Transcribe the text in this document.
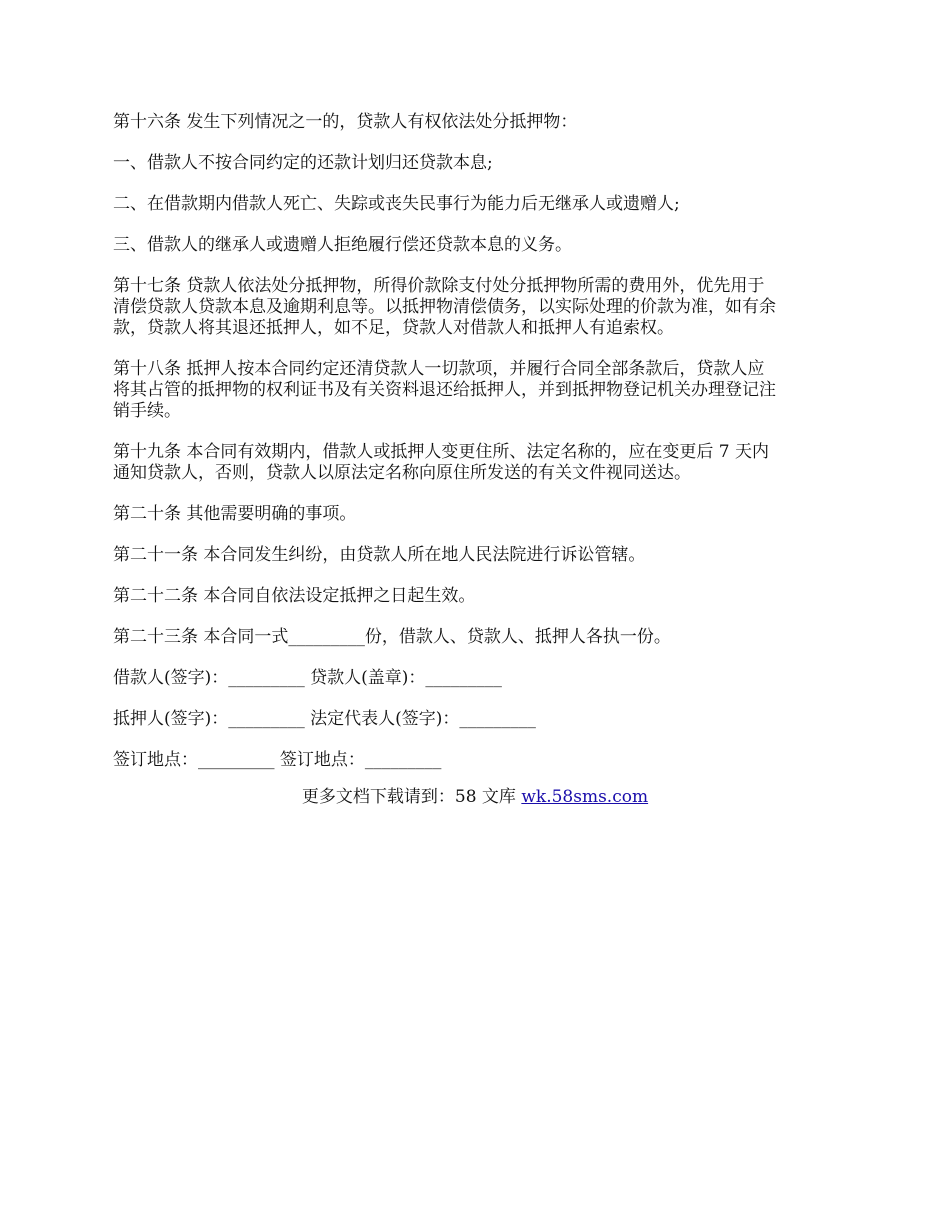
第十六条 发生下列情况之一的，贷款人有权依法处分抵押物：

一、借款人不按合同约定的还款计划归还贷款本息;

二、在借款期内借款人死亡、失踪或丧失民事行为能力后无继承人或遗赠人;

三、借款人的继承人或遗赠人拒绝履行偿还贷款本息的义务。

第十七条 贷款人依法处分抵押物，所得价款除支付处分抵押物所需的费用外，优先用于
清偿贷款人贷款本息及逾期利息等。以抵押物清偿债务，以实际处理的价款为准，如有余
款，贷款人将其退还抵押人，如不足，贷款人对借款人和抵押人有追索权。

第十八条 抵押人按本合同约定还清贷款人一切款项，并履行合同全部条款后，贷款人应
将其占管的抵押物的权利证书及有关资料退还给抵押人，并到抵押物登记机关办理登记注
销手续。

第十九条 本合同有效期内，借款人或抵押人变更住所、法定名称的，应在变更后 7 天内
通知贷款人，否则，贷款人以原法定名称向原住所发送的有关文件视同送达。

第二十条 其他需要明确的事项。

第二十一条 本合同发生纠纷，由贷款人所在地人民法院进行诉讼管辖。

第二十二条 本合同自依法设定抵押之日起生效。

第二十三条 本合同一式_________份，借款人、贷款人、抵押人各执一份。

借款人(签字)：_________ 贷款人(盖章)：_________

抵押人(签字)：_________ 法定代表人(签字)：_________

签订地点：_________ 签订地点：_________

更多文档下载请到：58 文库 wk.58sms.com
